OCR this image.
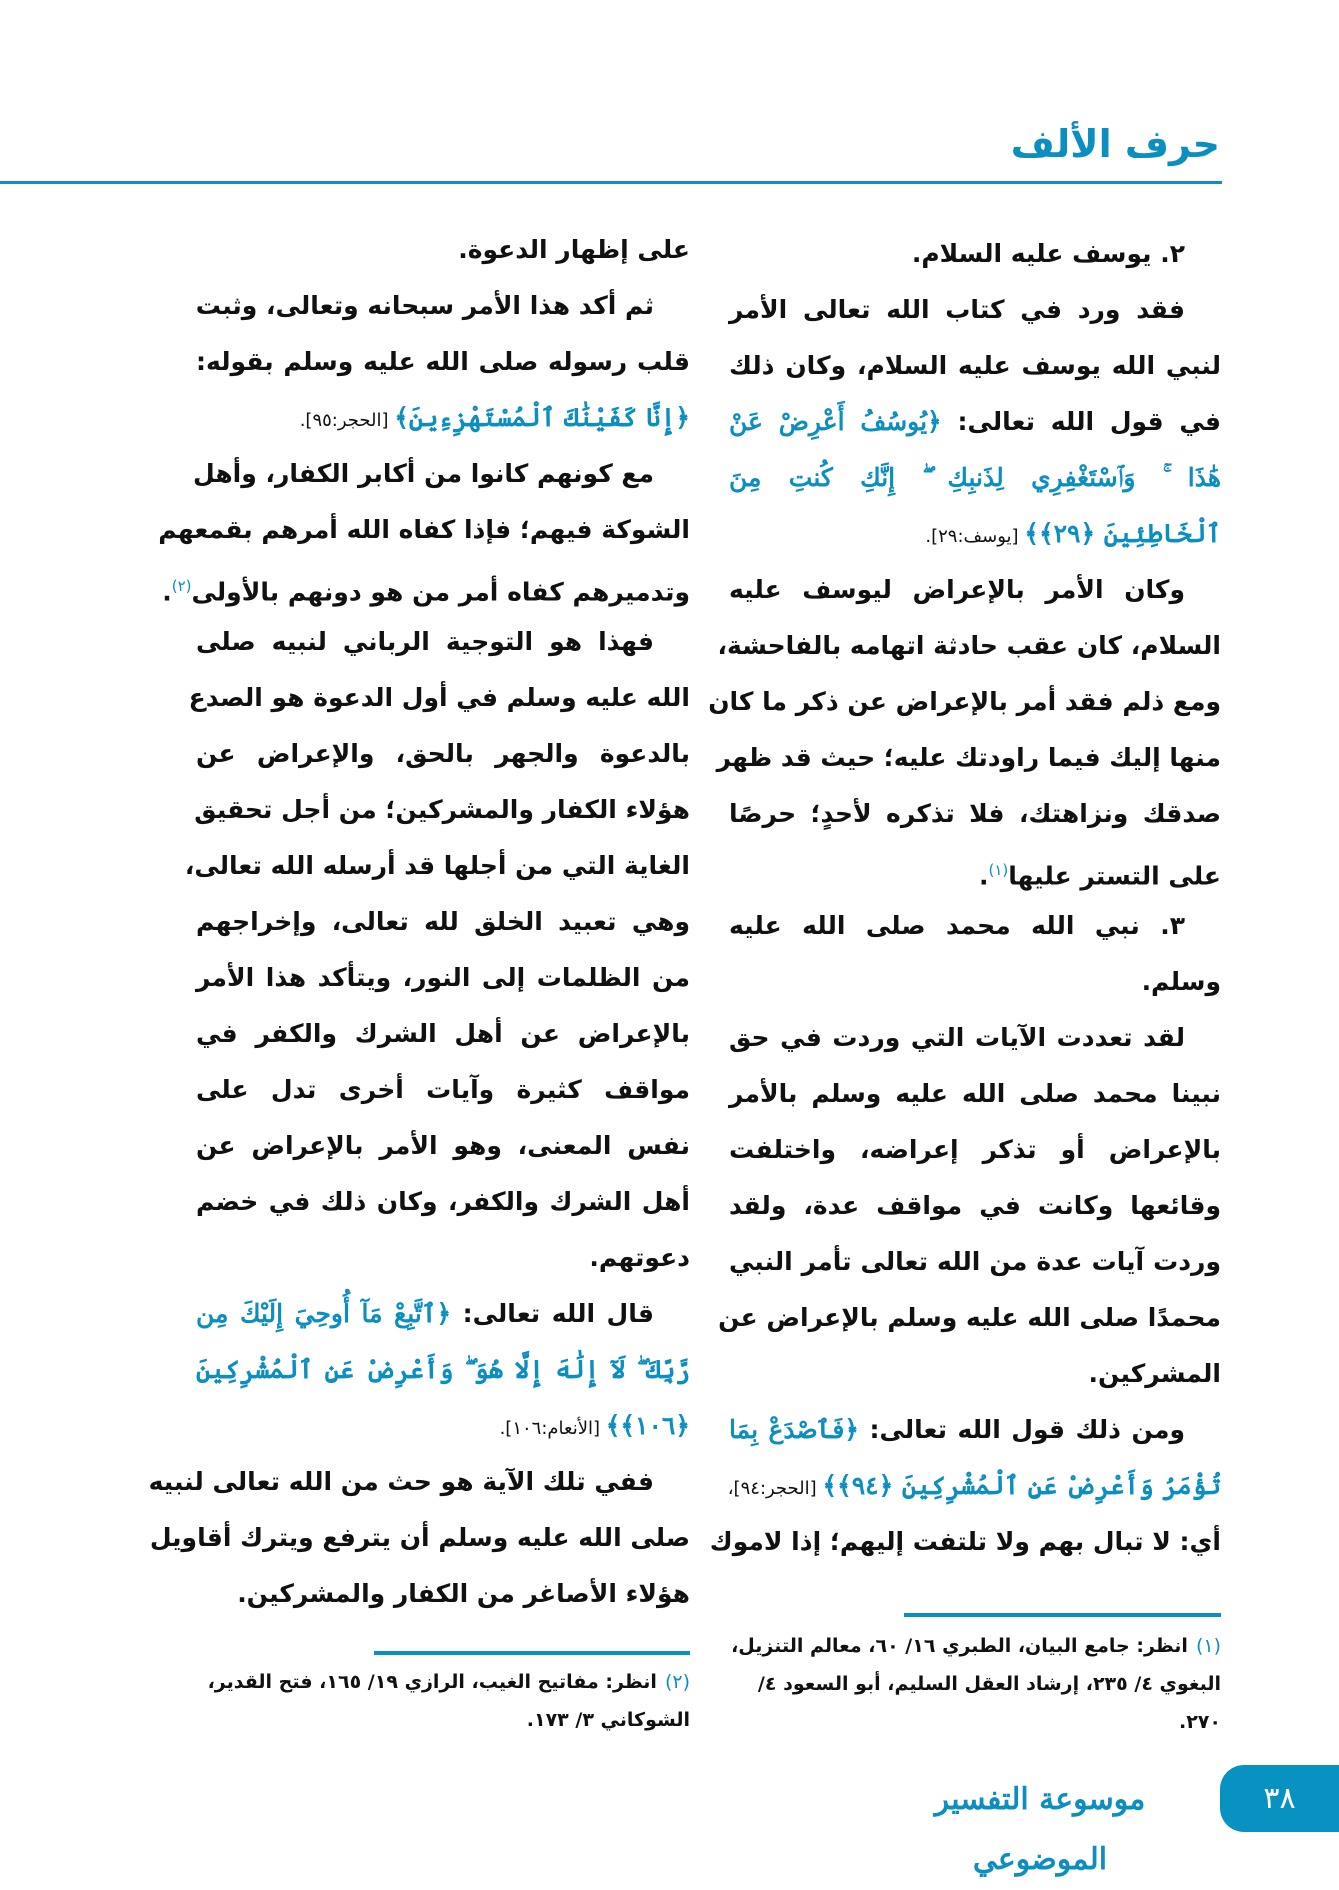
حرف الألف
٢. يوسف عليه السلام.
فقد ورد في كتاب الله تعالى الأمر
لنبي الله يوسف عليه السلام، وكان ذلك
في قول الله تعالى: ﴿يُوسُفُ أَعْرِضْ عَنْ
هَٰذَا ۚ وَٱسْتَغْفِرِي لِذَنبِكِ ۖ إِنَّكِ كُنتِ مِنَ
ٱلْخَاطِئِينَ ﴿٢٩﴾﴾ [يوسف:٢٩].
وكان الأمر بالإعراض ليوسف عليه
السلام، كان عقب حادثة اتهامه بالفاحشة،
ومع ذلم فقد أمر بالإعراض عن ذكر ما كان
منها إليك فيما راودتك عليه؛ حيث قد ظهر
صدقك ونزاهتك، فلا تذكره لأحدٍ؛ حرصًا
على التستر عليها$^{(١)}$.
٣. نبي الله محمد صلى الله عليه
وسلم.
لقد تعددت الآيات التي وردت في حق
نبينا محمد صلى الله عليه وسلم بالأمر
بالإعراض أو تذكر إعراضه، واختلفت
وقائعها وكانت في مواقف عدة، ولقد
وردت آيات عدة من الله تعالى تأمر النبي
محمدًا صلى الله عليه وسلم بالإعراض عن
المشركين.
ومن ذلك قول الله تعالى: ﴿فَٱصْدَعْ بِمَا
تُؤْمَرُ وَأَعْرِضْ عَنِ ٱلْمُشْرِكِينَ ﴿٩٤﴾﴾ [الحجر:٩٤]،
أي: لا تبال بهم ولا تلتفت إليهم؛ إذا لاموك
على إظهار الدعوة.
ثم أكد هذا الأمر سبحانه وتعالى، وثبت
قلب رسوله صلى الله عليه وسلم بقوله:
﴿إِنَّا كَفَيْنَٰكَ ٱلْمُسْتَهْزِءِينَ﴾ [الحجر:٩٥].
مع كونهم كانوا من أكابر الكفار، وأهل
الشوكة فيهم؛ فإذا كفاه الله أمرهم بقمعهم
وتدميرهم كفاه أمر من هو دونهم بالأولى$^{(٢)}$.
فهذا هو التوجية الرباني لنبيه صلى
الله عليه وسلم في أول الدعوة هو الصدع
بالدعوة والجهر بالحق، والإعراض عن
هؤلاء الكفار والمشركين؛ من أجل تحقيق
الغاية التي من أجلها قد أرسله الله تعالى،
وهي تعبيد الخلق لله تعالى، وإخراجهم
من الظلمات إلى النور، ويتأكد هذا الأمر
بالإعراض عن أهل الشرك والكفر في
مواقف كثيرة وآيات أخرى تدل على
نفس المعنى، وهو الأمر بالإعراض عن
أهل الشرك والكفر، وكان ذلك في خضم
دعوتهم.
قال الله تعالى: ﴿ٱتَّبِعْ مَآ أُوحِيَ إِلَيْكَ مِن
رَّبِّكَ ۖ لَآ إِلَٰهَ إِلَّا هُوَ ۖ وَأَعْرِضْ عَنِ ٱلْمُشْرِكِينَ
﴿١٠٦﴾﴾ [الأنعام:١٠٦].
ففي تلك الآية هو حث من الله تعالى لنبيه
صلى الله عليه وسلم أن يترفع ويترك أقاويل
هؤلاء الأصاغر من الكفار والمشركين.
(١)انظر: جامع البيان، الطبري ١٦/ ٦٠، معالم التنزيل، البغوي ٤/ ٢٣٥، إرشاد العقل السليم، أبو السعود ٤/ ٢٧٠.
(٢)انظر: مفاتيح الغيب، الرازي ١٩/ ١٦٥، فتح القدير، الشوكاني ٣/ ١٧٣.
موسوعة التفسير الموضوعي
٣٨
